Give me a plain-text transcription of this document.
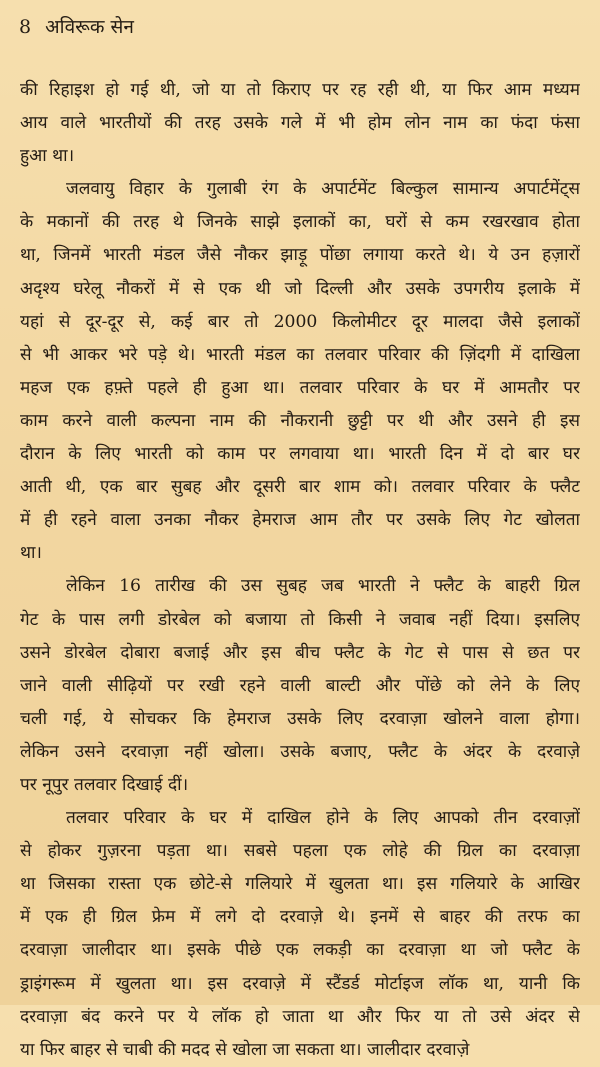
8 अविरूक सेन
की रिहाइश हो गई थी, जो या तो किराए पर रह रही थी, या फिर आम मध्यम
आय वाले भारतीयों की तरह उसके गले में भी होम लोन नाम का फंदा फंसा
हुआ था।
जलवायु विहार के गुलाबी रंग के अपार्टमेंट बिल्कुल सामान्य अपार्टमेंट्स
के मकानों की तरह थे जिनके साझे इलाकों का, घरों से कम रखरखाव होता
था, जिनमें भारती मंडल जैसे नौकर झाड़ू पोंछा लगाया करते थे। ये उन हज़ारों
अदृश्य घरेलू नौकरों में से एक थी जो दिल्ली और उसके उपगरीय इलाके में
यहां से दूर-दूर से, कई बार तो 2000 किलोमीटर दूर मालदा जैसे इलाकों
से भी आकर भरे पड़े थे। भारती मंडल का तलवार परिवार की ज़िंदगी में दाखिला
महज एक हफ़्ते पहले ही हुआ था। तलवार परिवार के घर में आमतौर पर
काम करने वाली कल्पना नाम की नौकरानी छुट्टी पर थी और उसने ही इस
दौरान के लिए भारती को काम पर लगवाया था। भारती दिन में दो बार घर
आती थी, एक बार सुबह और दूसरी बार शाम को। तलवार परिवार के फ्लैट
में ही रहने वाला उनका नौकर हेमराज आम तौर पर उसके लिए गेट खोलता
था।
लेकिन 16 तारीख की उस सुबह जब भारती ने फ्लैट के बाहरी ग्रिल
गेट के पास लगी डोरबेल को बजाया तो किसी ने जवाब नहीं दिया। इसलिए
उसने डोरबेल दोबारा बजाई और इस बीच फ्लैट के गेट से पास से छत पर
जाने वाली सीढ़ियों पर रखी रहने वाली बाल्टी और पोंछे को लेने के लिए
चली गई, ये सोचकर कि हेमराज उसके लिए दरवाज़ा खोलने वाला होगा।
लेकिन उसने दरवाज़ा नहीं खोला। उसके बजाए, फ्लैट के अंदर के दरवाज़े
पर नूपुर तलवार दिखाई दीं।
तलवार परिवार के घर में दाखिल होने के लिए आपको तीन दरवाज़ों
से होकर गुज़रना पड़ता था। सबसे पहला एक लोहे की ग्रिल का दरवाज़ा
था जिसका रास्ता एक छोटे-से गलियारे में खुलता था। इस गलियारे के आखिर
में एक ही ग्रिल फ्रेम में लगे दो दरवाज़े थे। इनमें से बाहर की तरफ का
दरवाज़ा जालीदार था। इसके पीछे एक लकड़ी का दरवाज़ा था जो फ्लैट के
ड्राइंगरूम में खुलता था। इस दरवाज़े में स्टैंडर्ड मोर्टाइज लॉक था, यानी कि
दरवाज़ा बंद करने पर ये लॉक हो जाता था और फिर या तो उसे अंदर से
या फिर बाहर से चाबी की मदद से खोला जा सकता था। जालीदार दरवाज़े
